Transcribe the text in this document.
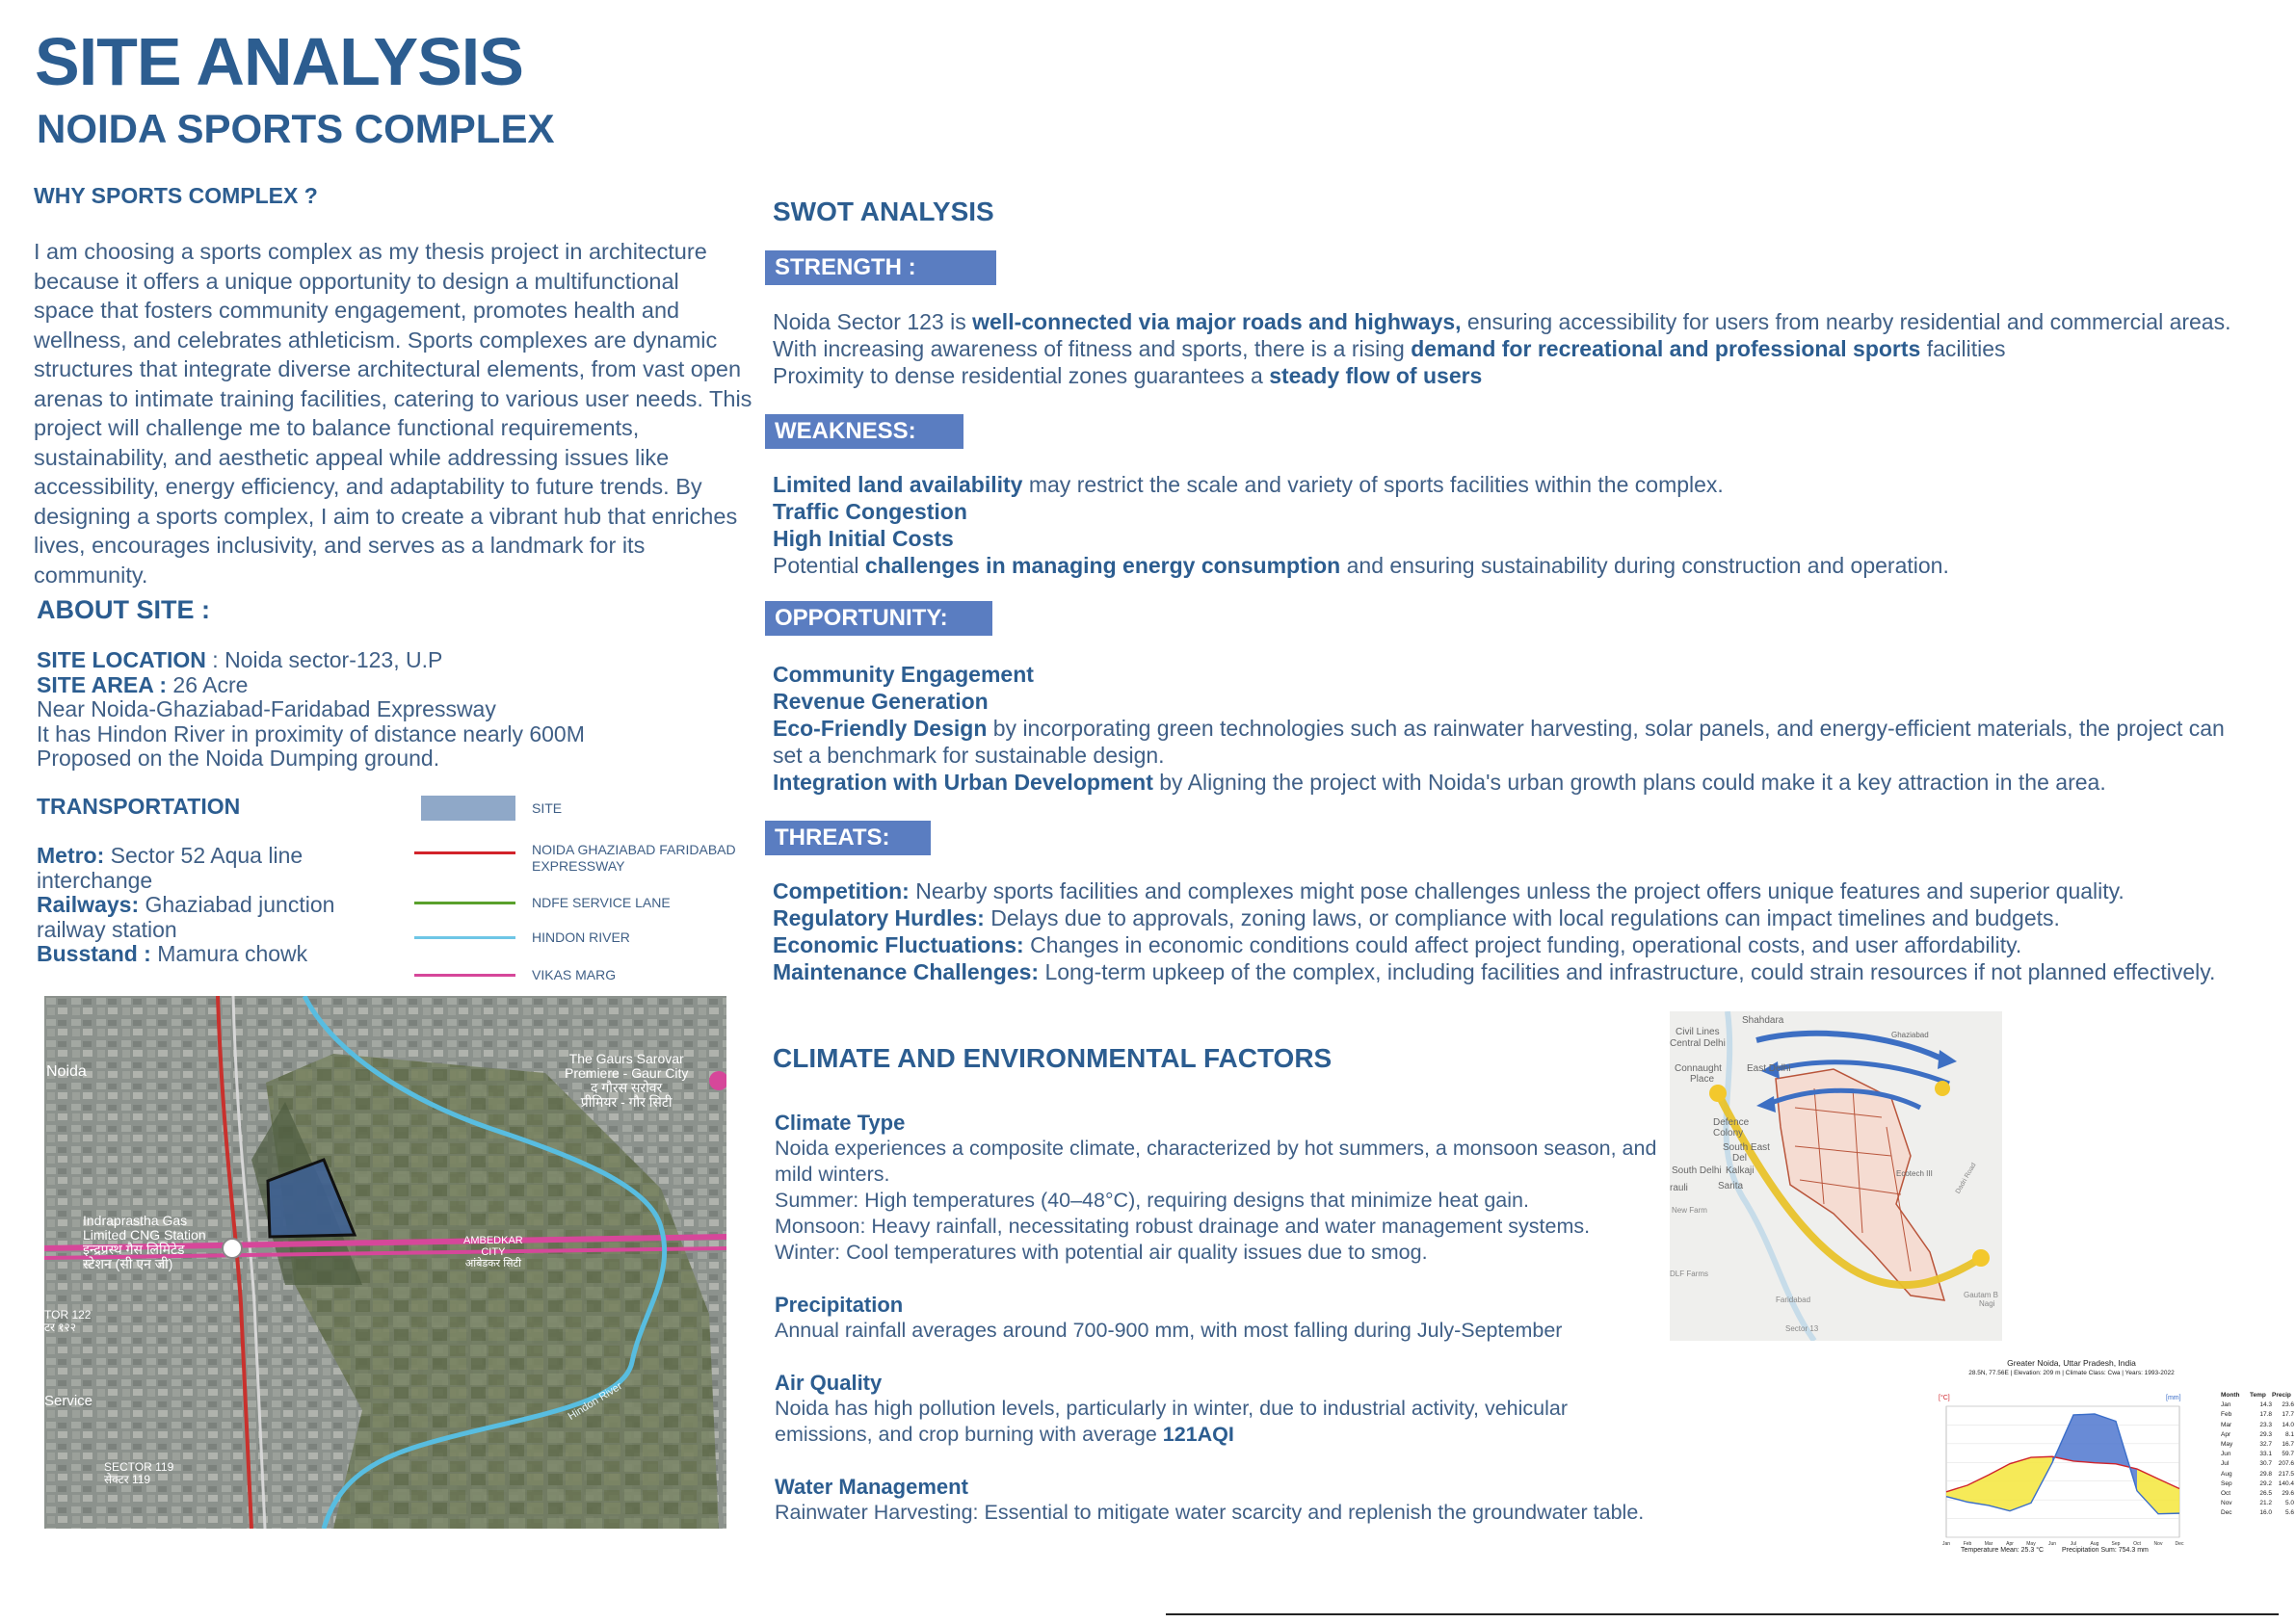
SITE ANALYSIS
NOIDA SPORTS COMPLEX
WHY SPORTS COMPLEX ?
I am choosing a sports complex as my thesis project in architecture
because it offers a unique opportunity to design a multifunctional
space that fosters community engagement, promotes health and
wellness, and celebrates athleticism. Sports complexes are dynamic
structures that integrate diverse architectural elements, from vast open
arenas to intimate training facilities, catering to various user needs. This
project will challenge me to balance functional requirements,
sustainability, and aesthetic appeal while addressing issues like
accessibility, energy efficiency, and adaptability to future trends. By
designing a sports complex, I aim to create a vibrant hub that enriches
lives, encourages inclusivity, and serves as a landmark for its
community.
ABOUT SITE :
SITE LOCATION : Noida sector-123, U.P
SITE AREA : 26 Acre
Near Noida-Ghaziabad-Faridabad Expressway
It has Hindon River in proximity of distance nearly 600M
Proposed on the Noida Dumping ground.
TRANSPORTATION
Metro: Sector 52 Aqua line
interchange
Railways: Ghaziabad junction
railway station
Busstand : Mamura chowk
SITE
NOIDA GHAZIABAD FARIDABAD
EXPRESSWAY
NDFE SERVICE LANE
HINDON RIVER
VIKAS MARG
Noida
The Gaurs Sarovar
Premiere - Gaur City
द गौरस सरोवर
प्रीमियर - गौर सिटी
Indraprastha Gas
Limited CNG Station
इन्द्रप्रस्थ गैस लिमिटेड
स्टेशन (सी एन जी)
AMBEDKAR
CITY
आंबेडकर सिटी
TOR 122
टर १२२
Service
SECTOR 119
सेक्टर 119
Hindon River
SWOT ANALYSIS
STRENGTH :
Noida Sector 123 is well-connected via major roads and highways, ensuring accessibility for users from nearby residential and commercial areas.
With increasing awareness of fitness and sports, there is a rising demand for recreational and professional sports facilities
Proximity to dense residential zones guarantees a steady flow of users
WEAKNESS:
Limited land availability may restrict the scale and variety of sports facilities within the complex.
Traffic Congestion
High Initial Costs
Potential challenges in managing energy consumption and ensuring sustainability during construction and operation.
OPPORTUNITY:
Community Engagement
Revenue Generation
Eco-Friendly Design by incorporating green technologies such as rainwater harvesting, solar panels, and energy-efficient materials, the project can
set a benchmark for sustainable design.
Integration with Urban Development by Aligning the project with Noida's urban growth plans could make it a key attraction in the area.
THREATS:
Competition: Nearby sports facilities and complexes might pose challenges unless the project offers unique features and superior quality.
Regulatory Hurdles: Delays due to approvals, zoning laws, or compliance with local regulations can impact timelines and budgets.
Economic Fluctuations: Changes in economic conditions could affect project funding, operational costs, and user affordability.
Maintenance Challenges: Long-term upkeep of the complex, including facilities and infrastructure, could strain resources if not planned effectively.
CLIMATE AND ENVIRONMENTAL FACTORS
Climate Type
Noida experiences a composite climate, characterized by hot summers, a monsoon season, and
mild winters.
Summer: High temperatures (40–48°C), requiring designs that minimize heat gain.
Monsoon: Heavy rainfall, necessitating robust drainage and water management systems.
Winter: Cool temperatures with potential air quality issues due to smog.
Precipitation
Annual rainfall averages around 700-900 mm, with most falling during July-September
Air Quality
Noida has high pollution levels, particularly in winter, due to industrial activity, vehicular
emissions, and crop burning with average 121AQI
Water Management
Rainwater Harvesting: Essential to mitigate water scarcity and replenish the groundwater table.
Shahdara
Civil Lines
Central Delhi
Ghaziabad
Connaught
Place
East Delhi
Defence
Colony
South East
Del
South Delhi Kalkaji
Sarita
rauli
Ecotech III	Dadri Road
New Farm
DLF Farms
Faridabad
Sector 13
Gautam B
Nagi
Greater Noida, Uttar Pradesh, India
28.5N, 77.56E | Elevation: 209 m | Climate Class: Cwa | Years: 1993-2022
[°C]	[mm]
Jan	Feb	Mar	Apr	May	Jun	Jul	Aug	Sep	Oct	Nov	Dec
Temperature Mean: 25.3 °C	Precipitation Sum: 754.3 mm
Month	Temp Precip
Jan	14.3	23.6
Feb	17.8	17.7
Mar	23.3	14.0
Apr	29.3	8.1
May	32.7	16.7
Jun	33.1	59.7
Jul	30.7	207.6
Aug	29.8	217.5
Sep	29.2	140.4
Oct	26.5	29.6
Nov	21.2	5.0
Dec	16.0	5.6
